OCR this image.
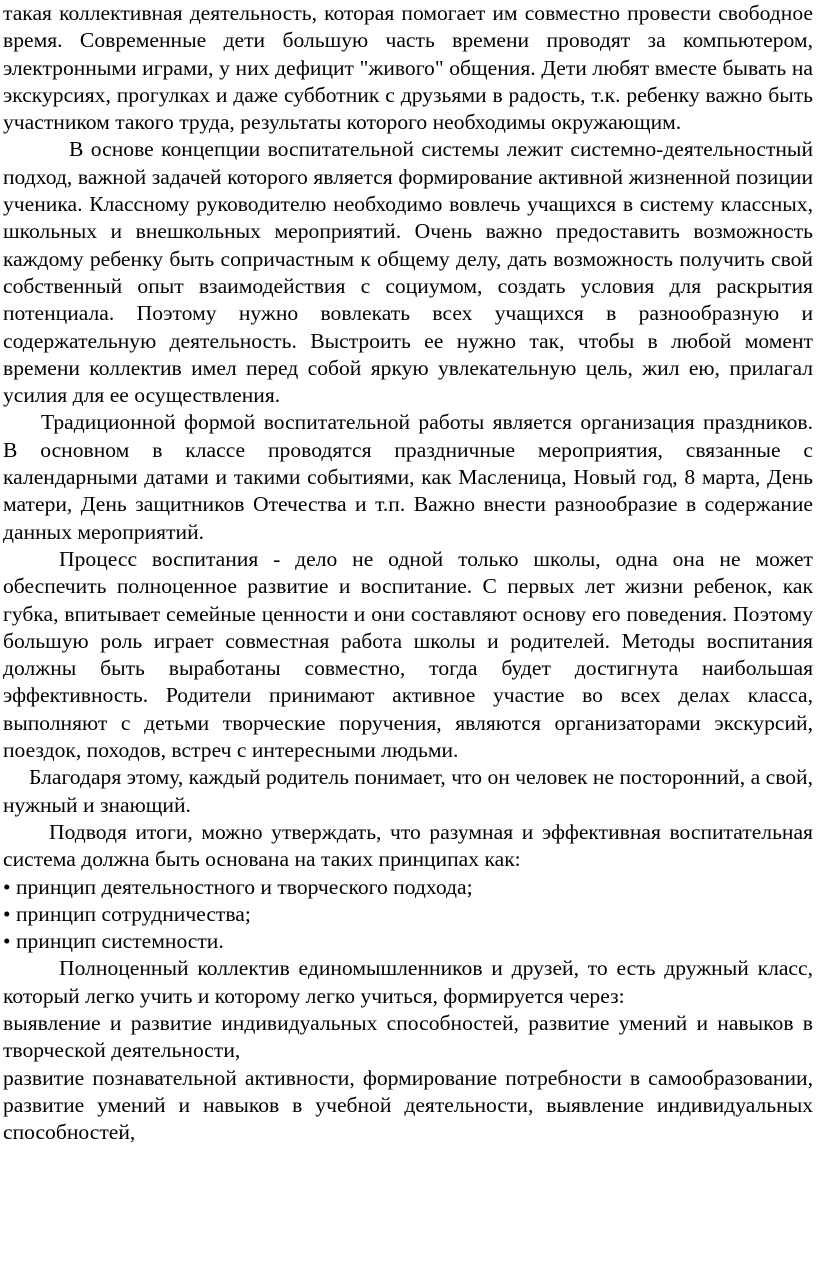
такая коллективная деятельность, которая помогает им совместно провести свободное время. Современные дети большую часть времени проводят за компьютером, электронными играми, у них дефицит "живого" общения. Дети любят вместе бывать на экскурсиях, прогулках и даже субботник с друзьями в радость, т.к. ребенку важно быть участником такого труда, результаты которого необходимы окружающим.

В основе концепции воспитательной системы лежит системно-деятельностный подход, важной задачей которого является формирование активной жизненной позиции ученика. Классному руководителю необходимо вовлечь учащихся в систему классных, школьных и внешкольных мероприятий. Очень важно предоставить возможность каждому ребенку быть сопричастным к общему делу, дать возможность получить свой собственный опыт взаимодействия с социумом, создать условия для раскрытия потенциала. Поэтому нужно вовлекать всех учащихся в разнообразную и содержательную деятельность. Выстроить ее нужно так, чтобы в любой момент времени коллектив имел перед собой яркую увлекательную цель, жил ею, прилагал усилия для ее осуществления.

Традиционной формой воспитательной работы является организация праздников. В основном в классе проводятся праздничные мероприятия, связанные с календарными датами и такими событиями, как Масленица, Новый год, 8 марта, День матери, День защитников Отечества и т.п. Важно внести разнообразие в содержание данных мероприятий.

Процесс воспитания - дело не одной только школы, одна она не может обеспечить полноценное развитие и воспитание. С первых лет жизни ребенок, как губка, впитывает семейные ценности и они составляют основу его поведения. Поэтому большую роль играет совместная работа школы и родителей. Методы воспитания должны быть выработаны совместно, тогда будет достигнута наибольшая эффективность. Родители принимают активное участие во всех делах класса, выполняют с детьми творческие поручения, являются организаторами экскурсий, поездок, походов, встреч с интересными людьми.

Благодаря этому, каждый родитель понимает, что он человек не посторонний, а свой, нужный и знающий.

Подводя итоги, можно утверждать, что разумная и эффективная воспитательная система должна быть основана на таких принципах как:

• принцип деятельностного и творческого подхода;

• принцип сотрудничества;

• принцип системности.

Полноценный коллектив единомышленников и друзей, то есть дружный класс, который легко учить и которому легко учиться, формируется через:

выявление и развитие индивидуальных способностей, развитие умений и навыков в творческой деятельности,

развитие познавательной активности, формирование потребности в самообразовании, развитие умений и навыков в учебной деятельности, выявление индивидуальных способностей,
